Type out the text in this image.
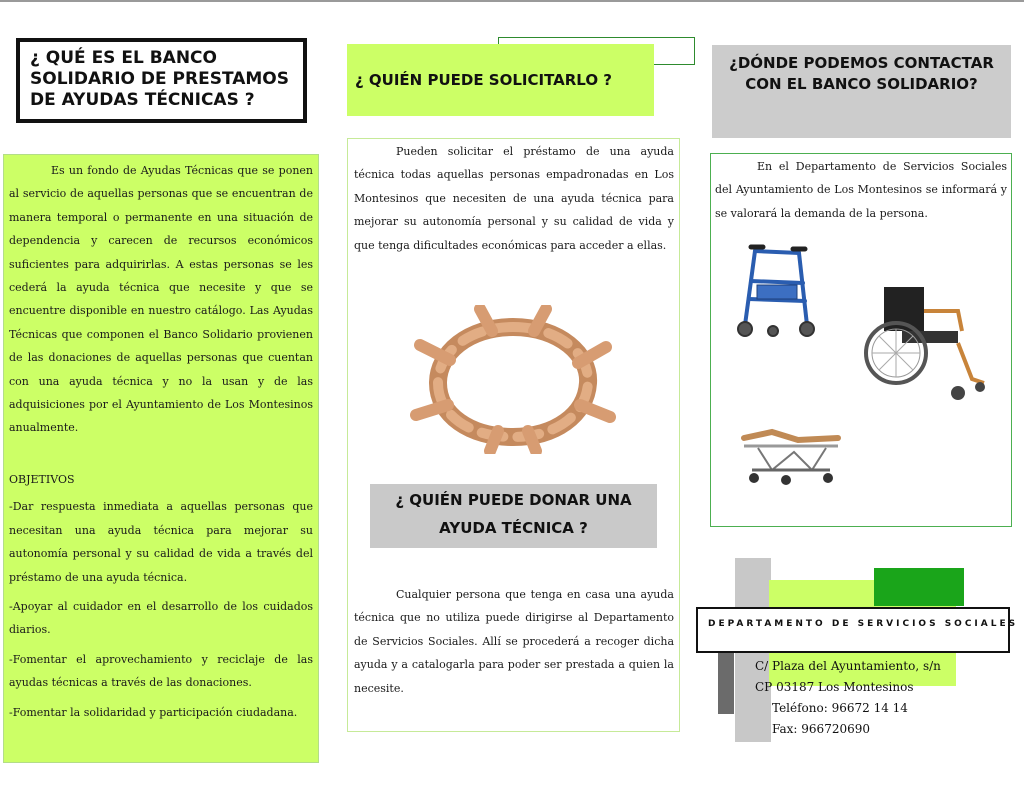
¿ QUÉ ES EL BANCO SOLIDARIO DE PRESTAMOS DE AYUDAS TÉCNICAS ?

Es un fondo de Ayudas Técnicas que se ponen al servicio de aquellas personas que se encuentran de manera temporal o permanente en una situación de dependencia y carecen de recursos económicos suficientes para adquirirlas. A estas personas se les cederá la ayuda técnica que necesite y que se encuentre disponible en nuestro catálogo. Las Ayudas Técnicas que componen el Banco Solidario provienen de las donaciones de aquellas personas que cuentan con una ayuda técnica y no la usan y de las adquisiciones por el Ayuntamiento de Los Montesinos anualmente.

OBJETIVOS

-Dar respuesta inmediata a aquellas personas que necesitan una ayuda técnica para mejorar su autonomía personal y su calidad de vida a través del préstamo de una ayuda técnica.

-Apoyar al cuidador en el desarrollo de los cuidados diarios.

-Fomentar el aprovechamiento y reciclaje de las ayudas técnicas a través de las donaciones.

-Fomentar la solidaridad y participación ciudadana.

¿ QUIÉN PUEDE SOLICITARLO ?

Pueden solicitar el préstamo de una ayuda técnica todas aquellas personas empadronadas en Los Montesinos que necesiten de una ayuda técnica para mejorar su autonomía personal y su calidad de vida y que tenga dificultades económicas para acceder a ellas.

¿ QUIÉN PUEDE DONAR UNA AYUDA TÉCNICA ?

Cualquier persona que tenga en casa una ayuda técnica que no utiliza puede dirigirse al Departamento de Servicios Sociales. Allí se procederá a recoger dicha ayuda y a catalogarla para poder ser prestada a quien la necesite.

¿DÓNDE PODEMOS CONTACTAR CON EL BANCO SOLIDARIO?

En el Departamento de Servicios Sociales del Ayuntamiento de Los Montesinos se informará y se valorará la demanda de la persona.

DEPARTAMENTO DE SERVICIOS SOCIALES
C/ Plaza del Ayuntamiento, s/n
CP 03187 Los Montesinos
Teléfono: 96672 14 14
Fax: 966720690
